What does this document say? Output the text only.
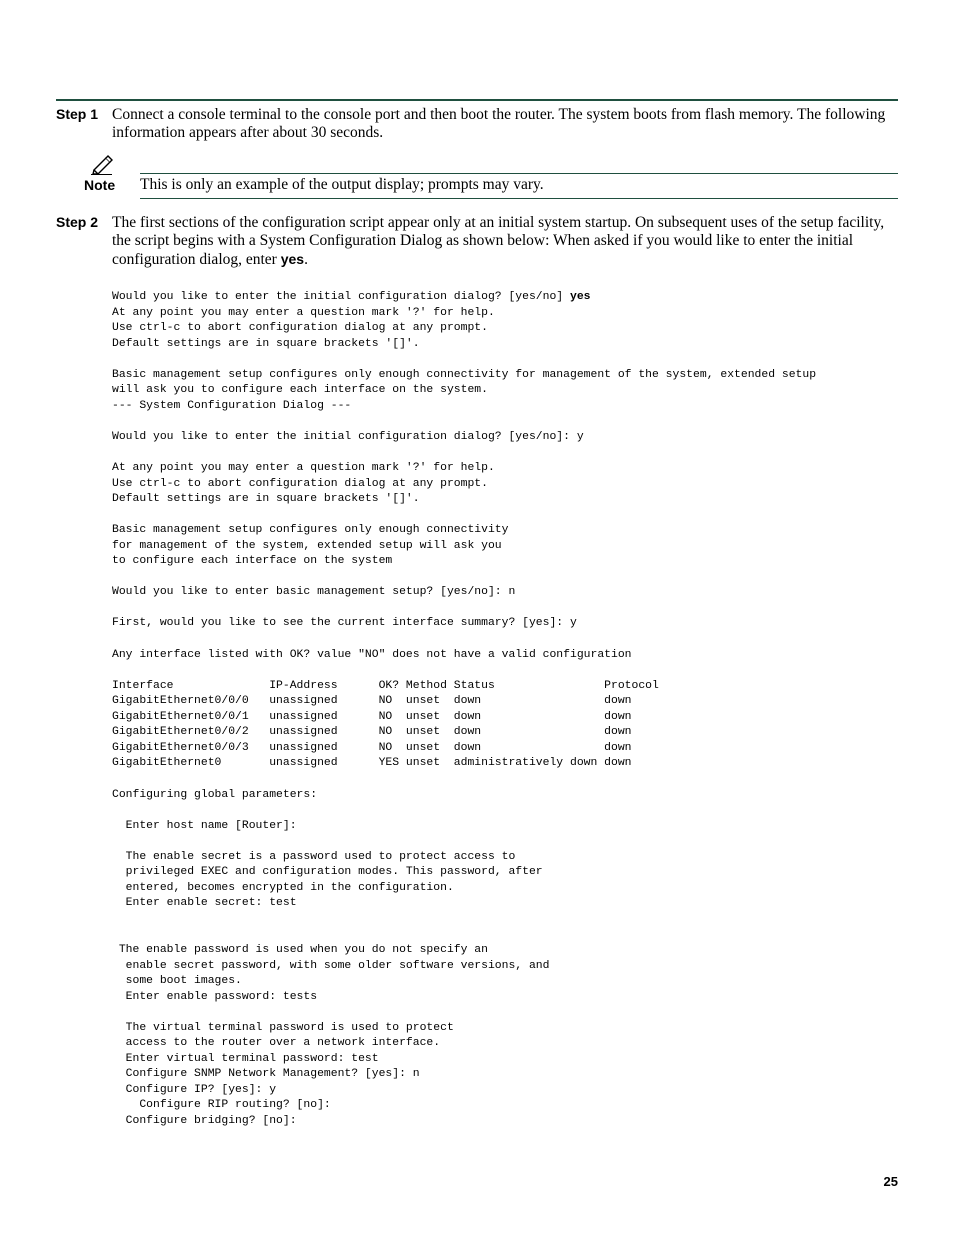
Step 1 Connect a console terminal to the console port and then boot the router. The system boots from flash memory. The following information appears after about 30 seconds.
Note This is only an example of the output display; prompts may vary.
Step 2 The first sections of the configuration script appear only at an initial system startup. On subsequent uses of the setup facility, the script begins with a System Configuration Dialog as shown below: When asked if you would like to enter the initial configuration dialog, enter yes.
Would you like to enter the initial configuration dialog? [yes/no] yes
At any point you may enter a question mark '?' for help.
Use ctrl-c to abort configuration dialog at any prompt.
Default settings are in square brackets '[]'.

Basic management setup configures only enough connectivity for management of the system, extended setup
will ask you to configure each interface on the system.
--- System Configuration Dialog ---

Would you like to enter the initial configuration dialog? [yes/no]: y

At any point you may enter a question mark '?' for help.
Use ctrl-c to abort configuration dialog at any prompt.
Default settings are in square brackets '[]'.

Basic management setup configures only enough connectivity
for management of the system, extended setup will ask you
to configure each interface on the system

Would you like to enter basic management setup? [yes/no]: n

First, would you like to see the current interface summary? [yes]: y

Any interface listed with OK? value "NO" does not have a valid configuration

Interface              IP-Address      OK? Method Status                Protocol
GigabitEthernet0/0/0   unassigned      NO  unset  down                  down
GigabitEthernet0/0/1   unassigned      NO  unset  down                  down
GigabitEthernet0/0/2   unassigned      NO  unset  down                  down
GigabitEthernet0/0/3   unassigned      NO  unset  down                  down
GigabitEthernet0       unassigned      YES unset  administratively down down

Configuring global parameters:

Enter host name [Router]:

The enable secret is a password used to protect access to
privileged EXEC and configuration modes. This password, after
entered, becomes encrypted in the configuration.
Enter enable secret: test

The enable password is used when you do not specify an
enable secret password, with some older software versions, and
some boot images.
Enter enable password: tests

The virtual terminal password is used to protect
access to the router over a network interface.
Enter virtual terminal password: test
Configure SNMP Network Management? [yes]: n
Configure IP? [yes]: y
Configure RIP routing? [no]:
Configure bridging? [no]:
25
